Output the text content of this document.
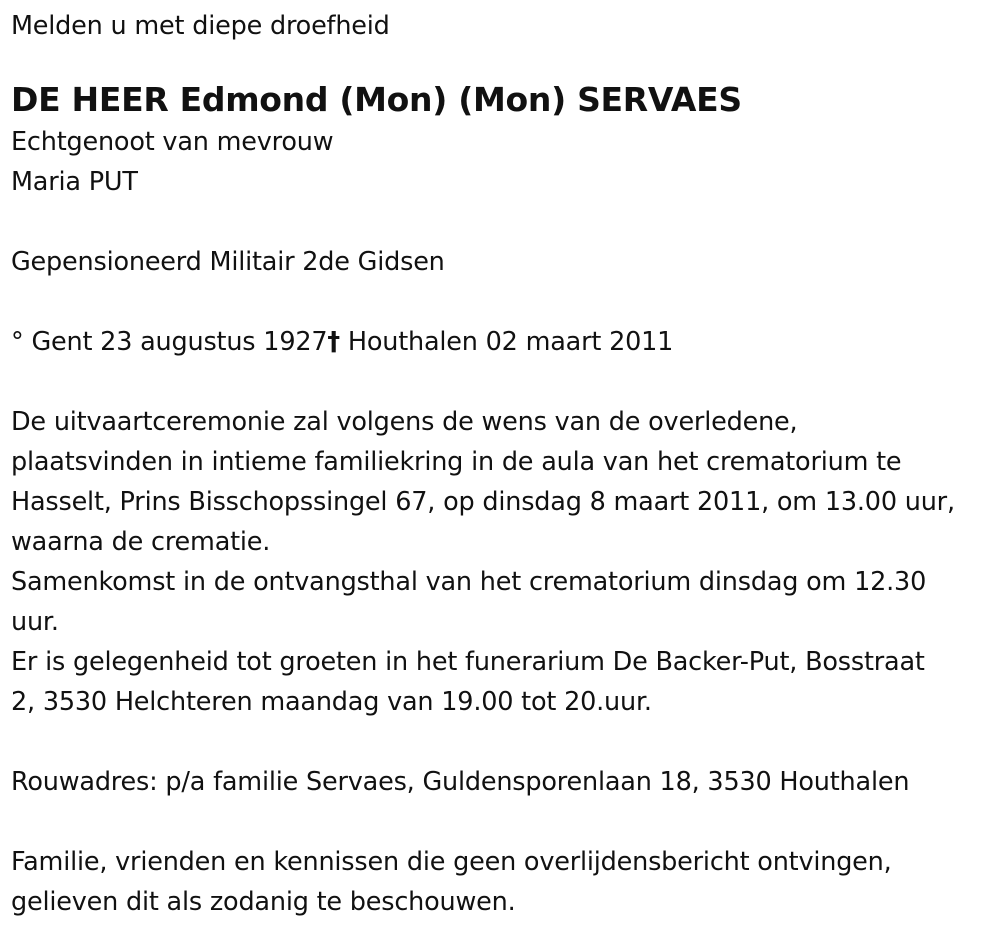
Melden u met diepe droefheid
DE HEER Edmond (Mon) (Mon) SERVAES
Echtgenoot van mevrouw
Maria PUT
Gepensioneerd Militair 2de Gidsen
° Gent 23 augustus 1927† Houthalen 02 maart 2011

De uitvaartceremonie zal volgens de wens van de overledene,

plaatsvinden in intieme familiekring in de aula van het crematorium te

Hasselt, Prins Bisschopssingel 67, op dinsdag 8 maart 2011, om 13.00 uur,

waarna de crematie.

Samenkomst in de ontvangsthal van het crematorium dinsdag om 12.30

uur.

Er is gelegenheid tot groeten in het funerarium De Backer-Put, Bosstraat

2, 3530 Helchteren maandag van 19.00 tot 20.uur.

Rouwadres: p/a familie Servaes, Guldensporenlaan 18, 3530 Houthalen

Familie, vrienden en kennissen die geen overlijdensbericht ontvingen,

gelieven dit als zodanig te beschouwen.
